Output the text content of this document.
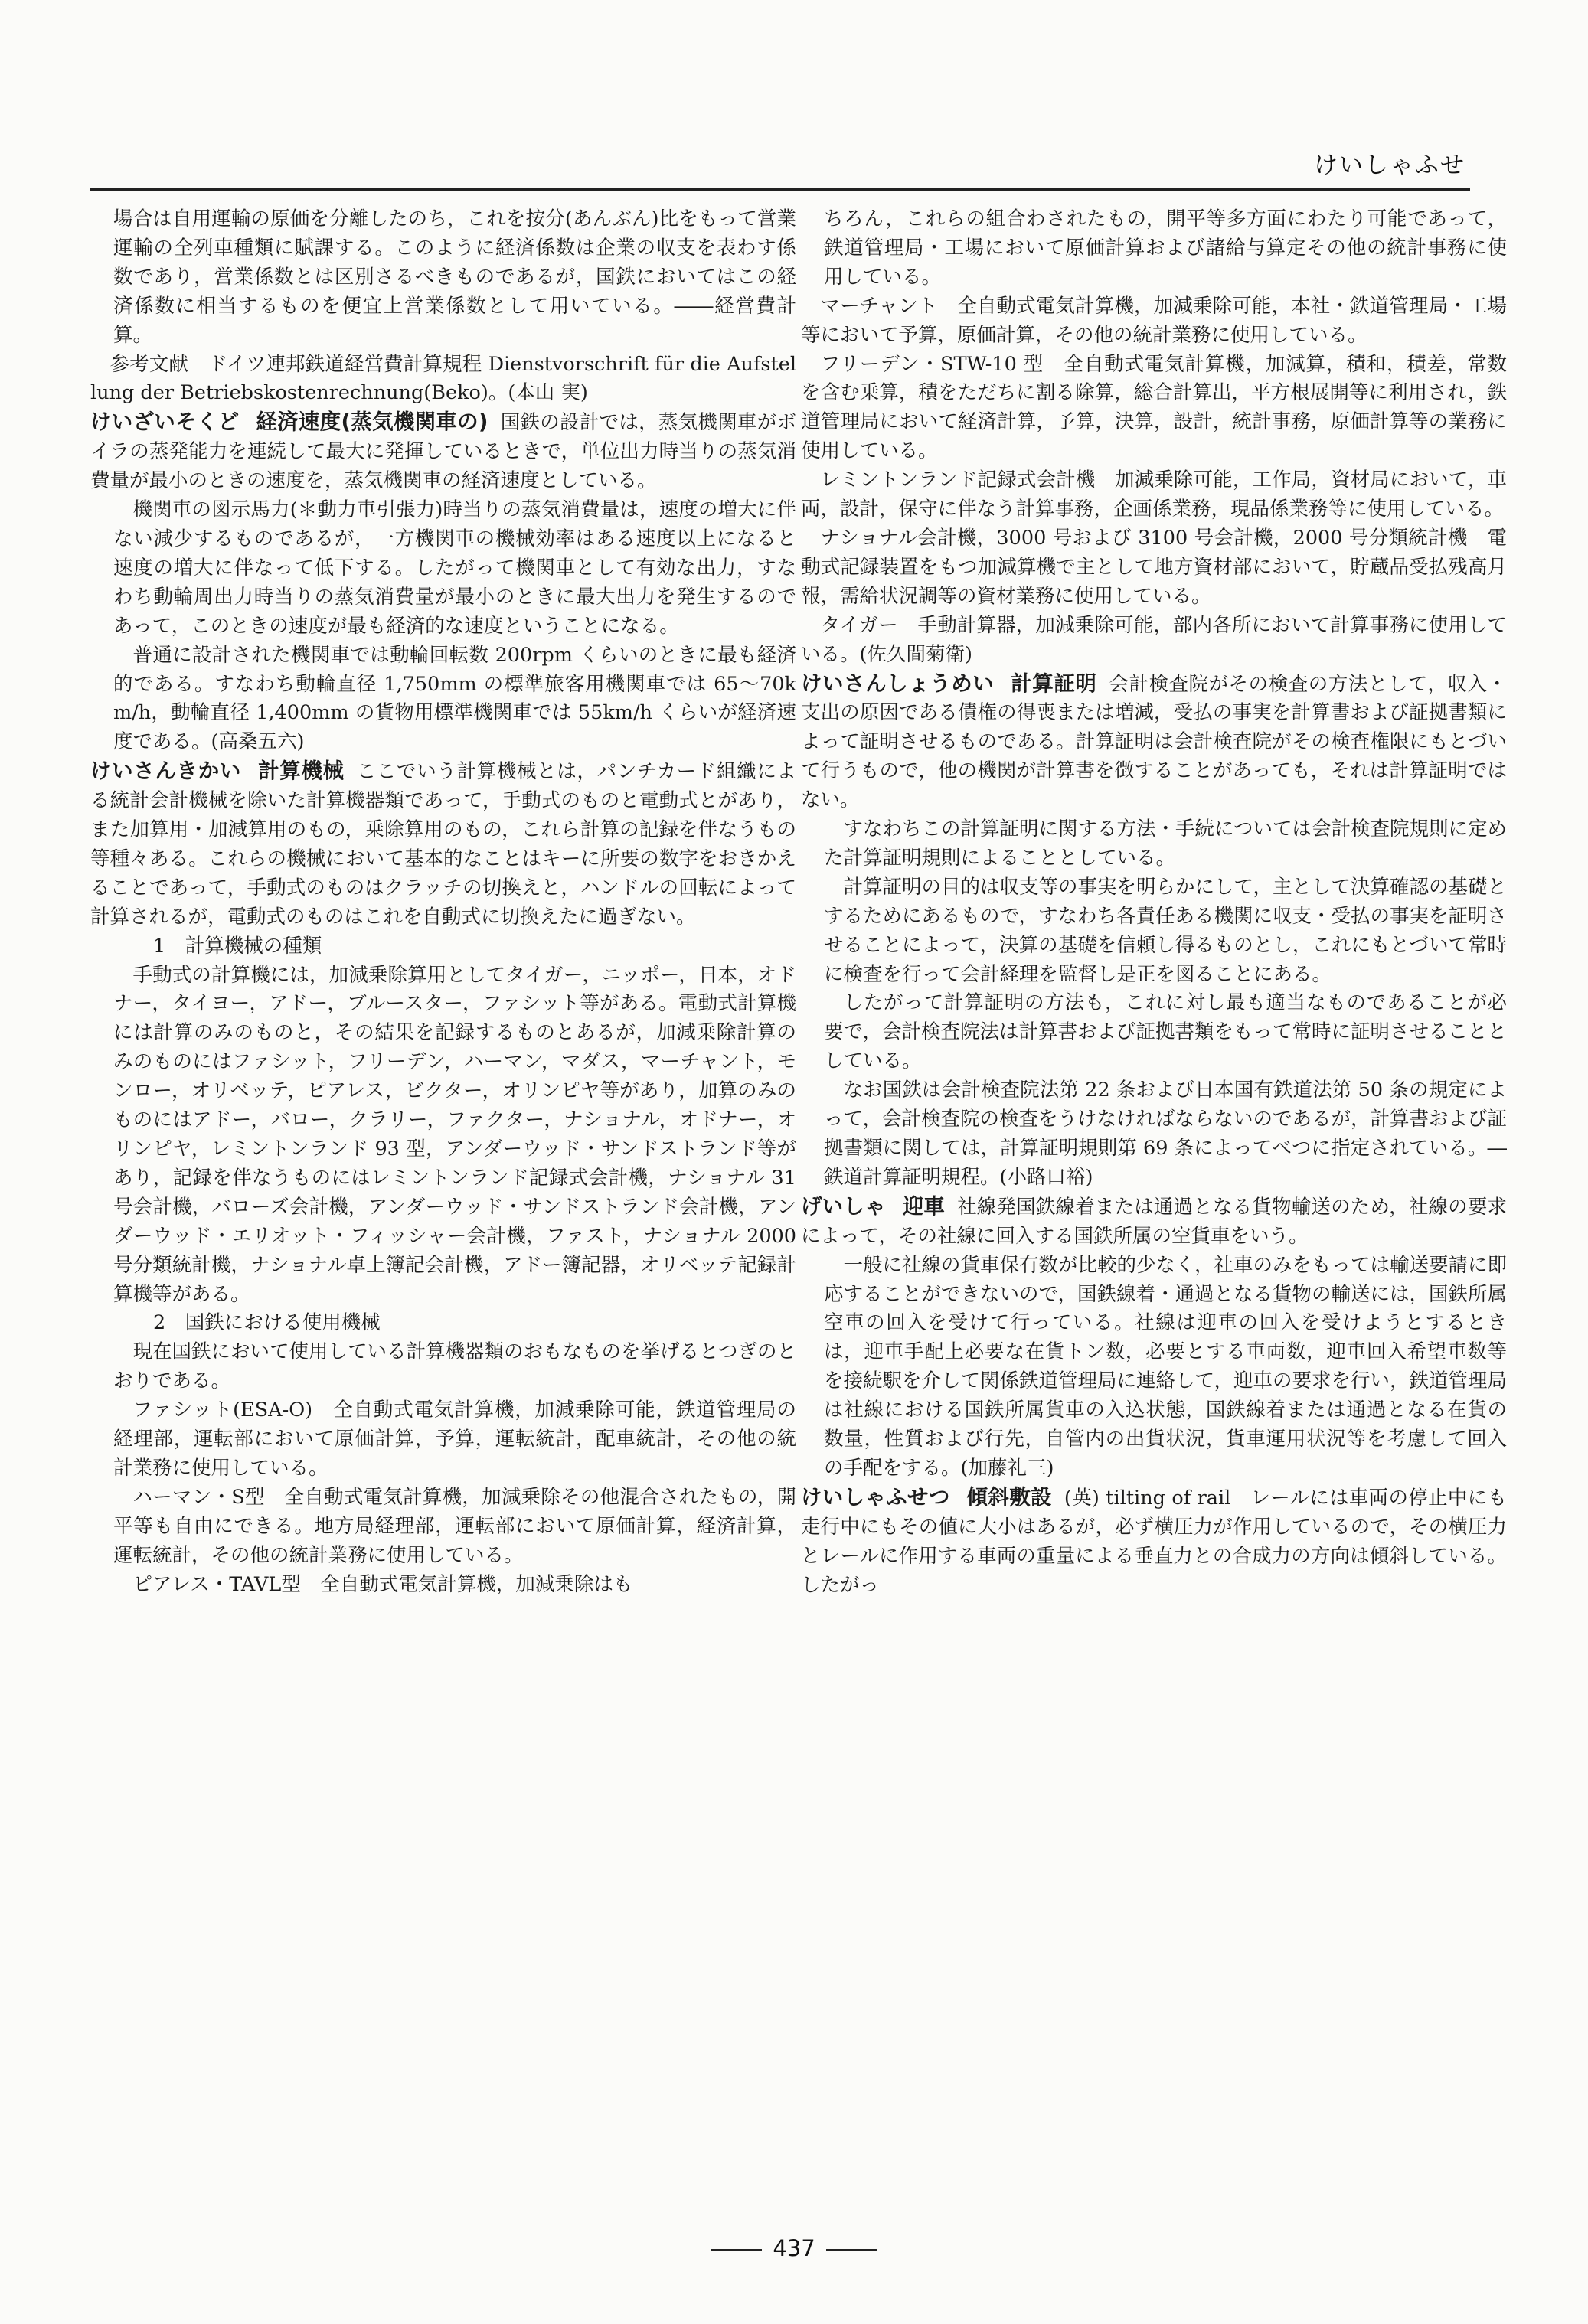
けいしゃふせ

場合は自用運輸の原価を分離したのち，これを按分(あんぶん)比をもって営業運輸の全列車種類に賦課する。このように経済係数は企業の収支を表わす係数であり，営業係数とは区別さるべきものであるが，国鉄においてはこの経済係数に相当するものを便宜上営業係数として用いている。――経営費計算。

参考文献　ドイツ連邦鉄道経営費計算規程 Dienstvorschrift für die Aufstellung der Betriebskostenrechnung(Beko)。(本山 実)

けいざいそくど 経済速度(蒸気機関車の) 国鉄の設計では，蒸気機関車がボイラの蒸発能力を連続して最大に発揮しているときで，単位出力時当りの蒸気消費量が最小のときの速度を，蒸気機関車の経済速度としている。

機関車の図示馬力(＊動力車引張力)時当りの蒸気消費量は，速度の増大に伴ない減少するものであるが，一方機関車の機械効率はある速度以上になると速度の増大に伴なって低下する。したがって機関車として有効な出力，すなわち動輪周出力時当りの蒸気消費量が最小のときに最大出力を発生するのであって，このときの速度が最も経済的な速度ということになる。

普通に設計された機関車では動輪回転数 200rpm くらいのときに最も経済的である。すなわち動輪直径 1,750mm の標準旅客用機関車では 65～70km/h，動輪直径 1,400mm の貨物用標準機関車では 55km/h くらいが経済速度である。(高桑五六)

けいさんきかい 計算機械 ここでいう計算機械とは，パンチカード組織による統計会計機械を除いた計算機器類であって，手動式のものと電動式とがあり，また加算用・加減算用のもの，乗除算用のもの，これら計算の記録を伴なうもの等種々ある。これらの機械において基本的なことはキーに所要の数字をおきかえることであって，手動式のものはクラッチの切換えと，ハンドルの回転によって計算されるが，電動式のものはこれを自動式に切換えたに過ぎない。

1　計算機械の種類

手動式の計算機には，加減乗除算用としてタイガー，ニッポー，日本，オドナー，タイヨー，アドー，ブルースター，ファシット等がある。電動式計算機には計算のみのものと，その結果を記録するものとあるが，加減乗除計算のみのものにはファシット，フリーデン，ハーマン，マダス，マーチャント，モンロー，オリベッテ，ピアレス，ビクター，オリンピヤ等があり，加算のみのものにはアドー，バロー，クラリー，ファクター，ナショナル，オドナー，オリンピヤ，レミントンランド 93 型，アンダーウッド・サンドストランド等があり，記録を伴なうものにはレミントンランド記録式会計機，ナショナル 31 号会計機，バローズ会計機，アンダーウッド・サンドストランド会計機，アンダーウッド・エリオット・フィッシャー会計機，ファスト，ナショナル 2000 号分類統計機，ナショナル卓上簿記会計機，アドー簿記器，オリベッテ記録計算機等がある。

2　国鉄における使用機械

現在国鉄において使用している計算機器類のおもなものを挙げるとつぎのとおりである。

ファシット(ESA-O)　全自動式電気計算機，加減乗除可能，鉄道管理局の経理部，運転部において原価計算，予算，運転統計，配車統計，その他の統計業務に使用している。

ハーマン・S型　全自動式電気計算機，加減乗除その他混合されたもの，開平等も自由にできる。地方局経理部，運転部において原価計算，経済計算，運転統計，その他の統計業務に使用している。

ピアレス・TAVL型　全自動式電気計算機，加減乗除はも

ちろん，これらの組合わされたもの，開平等多方面にわたり可能であって，鉄道管理局・工場において原価計算および諸給与算定その他の統計事務に使用している。

マーチャント　全自動式電気計算機，加減乗除可能，本社・鉄道管理局・工場等において予算，原価計算，その他の統計業務に使用している。

フリーデン・STW-10 型　全自動式電気計算機，加減算，積和，積差，常数を含む乗算，積をただちに割る除算，総合計算出，平方根展開等に利用され，鉄道管理局において経済計算，予算，決算，設計，統計事務，原価計算等の業務に使用している。

レミントンランド記録式会計機　加減乗除可能，工作局，資材局において，車両，設計，保守に伴なう計算事務，企画係業務，現品係業務等に使用している。

ナショナル会計機，3000 号および 3100 号会計機，2000 号分類統計機　電動式記録装置をもつ加減算機で主として地方資材部において，貯蔵品受払残高月報，需給状況調等の資材業務に使用している。

タイガー　手動計算器，加減乗除可能，部内各所において計算事務に使用している。(佐久間菊衛)

けいさんしょうめい 計算証明 会計検査院がその検査の方法として，収入・支出の原因である債権の得喪または増減，受払の事実を計算書および証拠書類によって証明させるものである。計算証明は会計検査院がその検査権限にもとづいて行うもので，他の機関が計算書を徴することがあっても，それは計算証明ではない。

すなわちこの計算証明に関する方法・手続については会計検査院規則に定めた計算証明規則によることとしている。

計算証明の目的は収支等の事実を明らかにして，主として決算確認の基礎とするためにあるもので，すなわち各責任ある機関に収支・受払の事実を証明させることによって，決算の基礎を信頼し得るものとし，これにもとづいて常時に検査を行って会計経理を監督し是正を図ることにある。

したがって計算証明の方法も，これに対し最も適当なものであることが必要で，会計検査院法は計算書および証拠書類をもって常時に証明させることとしている。

なお国鉄は会計検査院法第 22 条および日本国有鉄道法第 50 条の規定によって，会計検査院の検査をうけなければならないのであるが，計算書および証拠書類に関しては，計算証明規則第 69 条によってべつに指定されている。―鉄道計算証明規程。(小路口裕)

げいしゃ 迎車 社線発国鉄線着または通過となる貨物輸送のため，社線の要求によって，その社線に回入する国鉄所属の空貨車をいう。

一般に社線の貨車保有数が比較的少なく，社車のみをもっては輸送要請に即応することができないので，国鉄線着・通過となる貨物の輸送には，国鉄所属空車の回入を受けて行っている。社線は迎車の回入を受けようとするときは，迎車手配上必要な在貨トン数，必要とする車両数，迎車回入希望車数等を接続駅を介して関係鉄道管理局に連絡して，迎車の要求を行い，鉄道管理局は社線における国鉄所属貨車の入込状態，国鉄線着または通過となる在貨の数量，性質および行先，自管内の出貨状況，貨車運用状況等を考慮して回入の手配をする。(加藤礼三)

けいしゃふせつ 傾斜敷設 (英) tilting of rail　レールには車両の停止中にも走行中にもその値に大小はあるが，必ず横圧力が作用しているので，その横圧力とレールに作用する車両の重量による垂直力との合成力の方向は傾斜している。したがっ
437
